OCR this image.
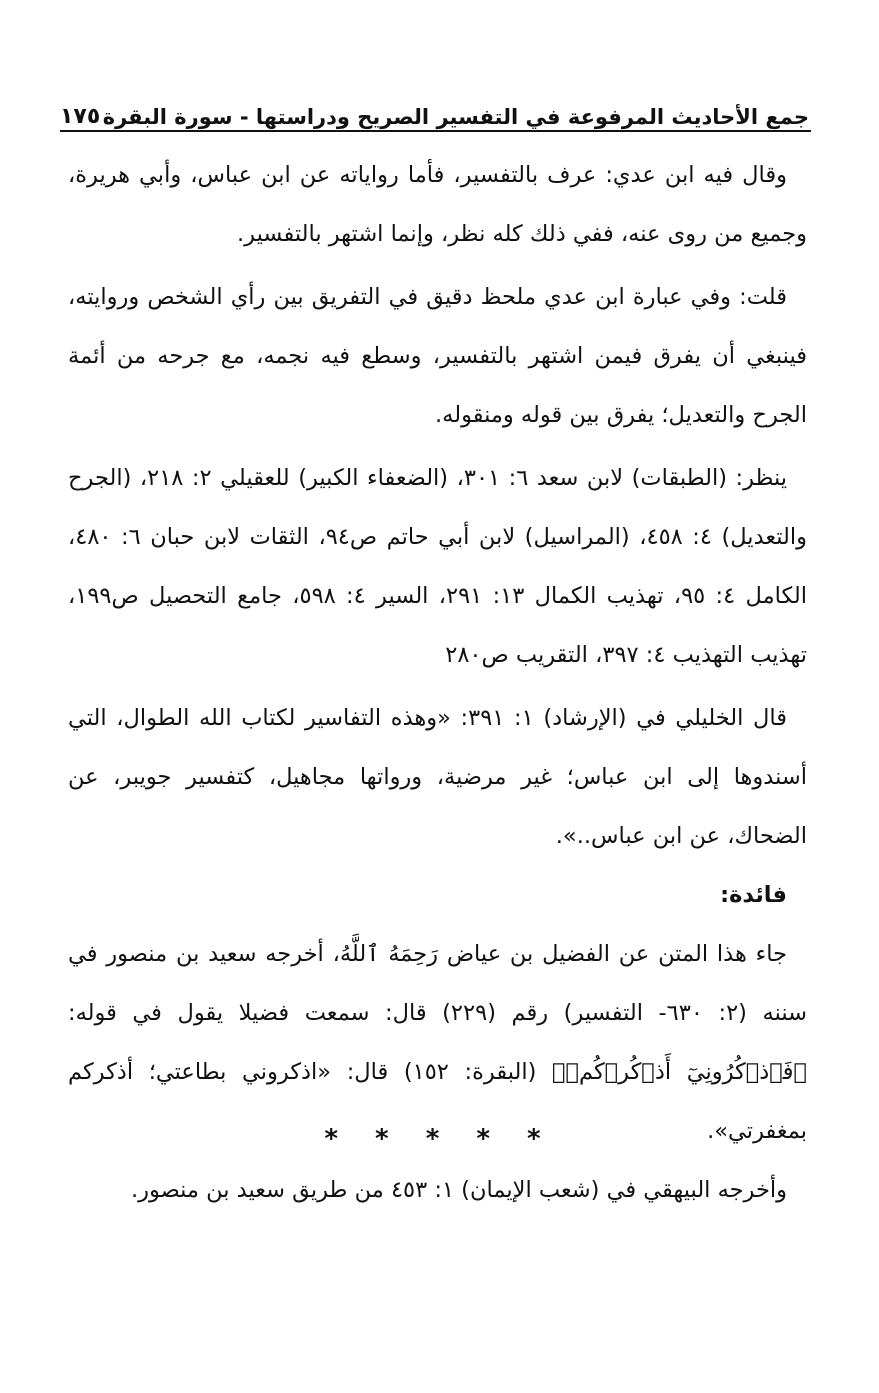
جمع الأحاديث المرفوعة في التفسير الصريح ودراستها - سورة البقرة
١٧٥

وقال فيه ابن عدي: عرف بالتفسير، فأما رواياته عن ابن عباس، وأبي هريرة، وجميع من روى عنه، ففي ذلك كله نظر، وإنما اشتهر بالتفسير.

قلت: وفي عبارة ابن عدي ملحظ دقيق في التفريق بين رأي الشخص وروايته، فينبغي أن يفرق فيمن اشتهر بالتفسير، وسطع فيه نجمه، مع جرحه من أئمة الجرح والتعديل؛ يفرق بين قوله ومنقوله.

ينظر: (الطبقات) لابن سعد ٦: ٣٠١، (الضعفاء الكبير) للعقيلي ٢: ٢١٨، (الجرح والتعديل) ٤: ٤٥٨، (المراسيل) لابن أبي حاتم ص٩٤، الثقات لابن حبان ٦: ٤٨٠، الكامل ٤: ٩٥، تهذيب الكمال ١٣: ٢٩١، السير ٤: ٥٩٨، جامع التحصيل ص١٩٩، تهذيب التهذيب ٤: ٣٩٧، التقريب ص٢٨٠

قال الخليلي في (الإرشاد) ١: ٣٩١: «وهذه التفاسير لكتاب الله الطوال، التي أسندوها إلى ابن عباس؛ غير مرضية، ورواتها مجاهيل، كتفسير جويبر، عن الضحاك، عن ابن عباس..».

فائدة:

جاء هذا المتن عن الفضيل بن عياض رَحِمَهُ ٱللَّهُ، أخرجه سعيد بن منصور في سننه (٢: ٦٣٠- التفسير) رقم (٢٢٩) قال: سمعت فضيلا يقول في قوله: ﴿فَٱذۡكُرُونِيٓ أَذۡكُرۡكُمۡ﴾ (البقرة: ١٥٢) قال: «اذكروني بطاعتي؛ أذكركم بمغفرتي».

وأخرجه البيهقي في (شعب الإيمان) ١: ٤٥٣ من طريق سعيد بن منصور.

* * * * *
